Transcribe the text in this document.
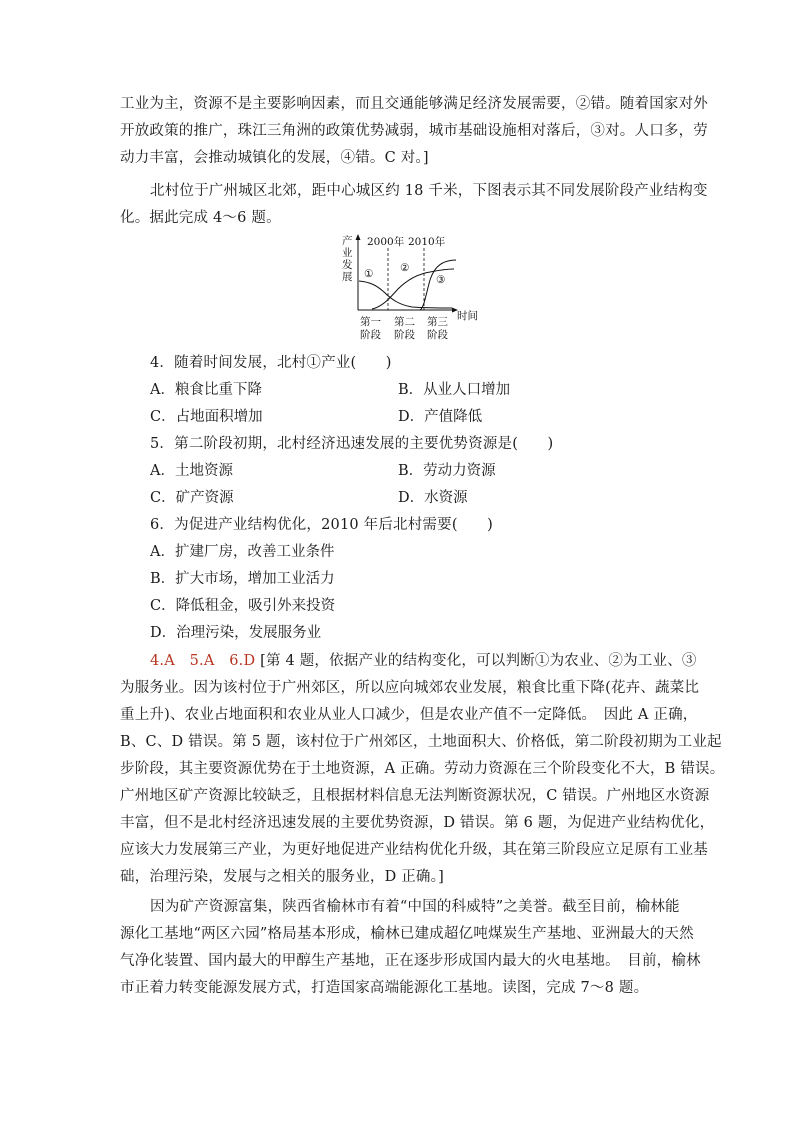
工业为主，资源不是主要影响因素，而且交通能够满足经济发展需要，②错。随着国家对外
开放政策的推广，珠江三角洲的政策优势减弱，城市基础设施相对落后，③对。人口多，劳
动力丰富，会推动城镇化的发展，④错。C 对。]
北村位于广州城区北郊，距中心城区约 18 千米，下图表示其不同发展阶段产业结构变
化。据此完成 4～6 题。
产
业
发
展
时间
2000年 2010年
①	②
③
第一
阶段
第二
阶段
第三
阶段
4．随着时间发展，北村①产业(　　)
A．粮食比重下降	B．从业人口增加
C．占地面积增加	D．产值降低
5．第二阶段初期，北村经济迅速发展的主要优势资源是(　　)
A．土地资源	B．劳动力资源
C．矿产资源	D．水资源
6．为促进产业结构优化，2010 年后北村需要(　　)
A．扩建厂房，改善工业条件
B．扩大市场，增加工业活力
C．降低租金，吸引外来投资
D．治理污染，发展服务业
4.A　5.A　6.D [第 4 题，依据产业的结构变化，可以判断①为农业、②为工业、③
为服务业。因为该村位于广州郊区，所以应向城郊农业发展，粮食比重下降(花卉、蔬菜比
重上升)、农业占地面积和农业从业人口减少，但是农业产值不一定降低。　因此 A 正确，
B、C、D 错误。第 5 题，该村位于广州郊区，土地面积大、价格低，第二阶段初期为工业起
步阶段，其主要资源优势在于土地资源，A 正确。劳动力资源在三个阶段变化不大，B 错误。
广州地区矿产资源比较缺乏，且根据材料信息无法判断资源状况，C 错误。广州地区水资源
丰富，但不是北村经济迅速发展的主要优势资源，D 错误。第 6 题，为促进产业结构优化，
应该大力发展第三产业，为更好地促进产业结构优化升级，其在第三阶段应立足原有工业基
础，治理污染，发展与之相关的服务业，D 正确。]
因为矿产资源富集，陕西省榆林市有着“中国的科威特”之美誉。截至目前，榆林能
源化工基地“两区六园”格局基本形成，榆林已建成超亿吨煤炭生产基地、亚洲最大的天然
气净化装置、国内最大的甲醇生产基地，正在逐步形成国内最大的火电基地。　目前，榆林
市正着力转变能源发展方式，打造国家高端能源化工基地。读图，完成 7～8 题。
